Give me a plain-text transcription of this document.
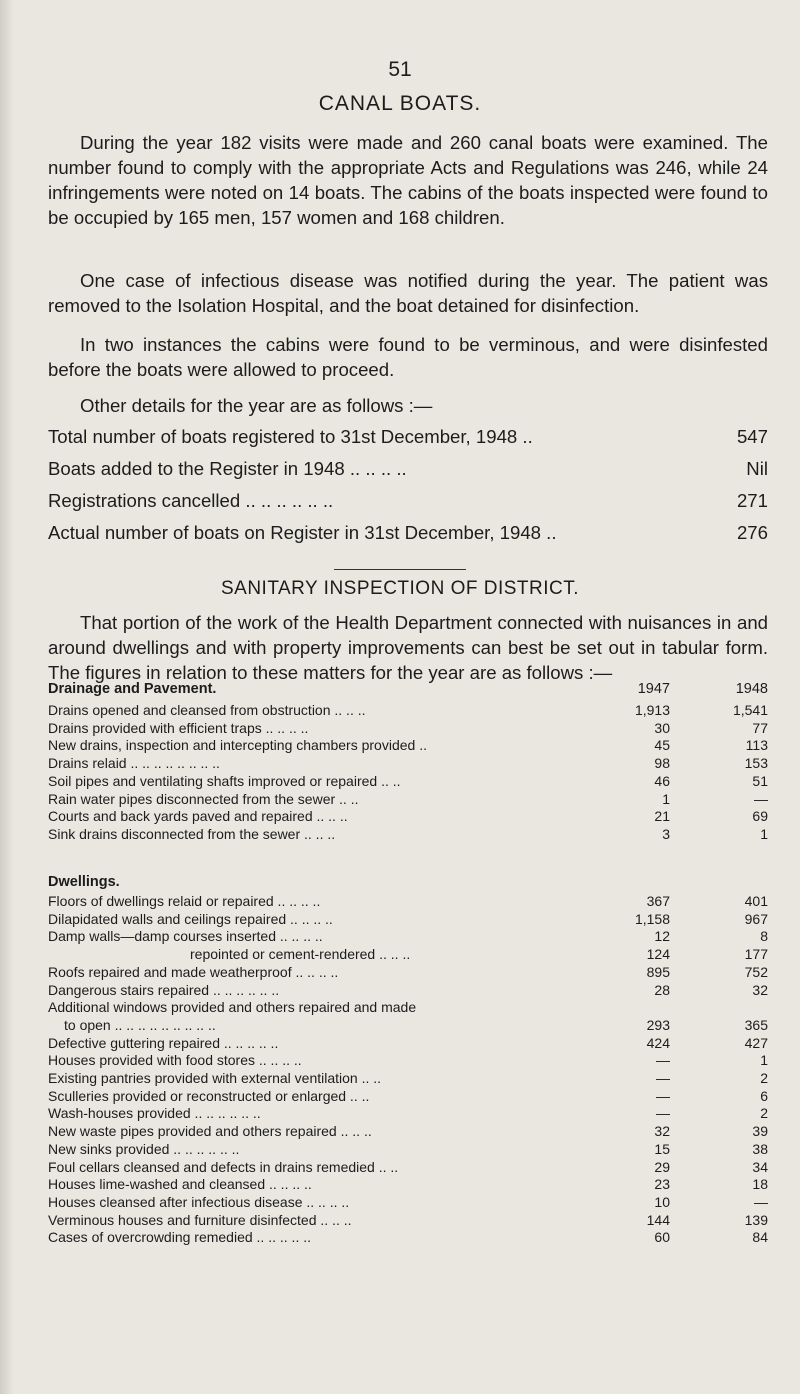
51
CANAL BOATS.

During the year 182 visits were made and 260 canal boats were examined. The number found to comply with the appropriate Acts and Regulations was 246, while 24 infringements were noted on 14 boats. The cabins of the boats inspected were found to be occupied by 165 men, 157 women and 168 children.

One case of infectious disease was notified during the year. The patient was removed to the Isolation Hospital, and the boat detained for disinfection.

In two instances the cabins were found to be verminous, and were disinfested before the boats were allowed to proceed.

Other details for the year are as follows :—

Total number of boats registered to 31st December, 1948 ..	547
Boats added to the Register in 1948 .. .. .. ..	Nil
Registrations cancelled .. .. .. .. .. ..	271
Actual number of boats on Register in 31st December, 1948 ..	276
SANITARY INSPECTION OF DISTRICT.

That portion of the work of the Health Department connected with nuisances in and around dwellings and with property improvements can best be set out in tabular form. The figures in relation to these matters for the year are as follows :—

Drainage and Pavement.	1947	1948
Drains opened and cleansed from obstruction .. .. ..	1,913	1,541
Drains provided with efficient traps .. .. .. ..	30	77
New drains, inspection and intercepting chambers provided ..	45	113
Drains relaid .. .. .. .. .. .. .. ..	98	153
Soil pipes and ventilating shafts improved or repaired .. ..	46	51
Rain water pipes disconnected from the sewer .. ..	1	—
Courts and back yards paved and repaired .. .. ..	21	69
Sink drains disconnected from the sewer .. .. ..	3	1
Dwellings.
Floors of dwellings relaid or repaired .. .. .. ..	367	401
Dilapidated walls and ceilings repaired .. .. .. ..	1,158	967
Damp walls—damp courses inserted .. .. .. ..	12	8
repointed or cement-rendered .. .. ..	124	177
Roofs repaired and made weatherproof .. .. .. ..	895	752
Dangerous stairs repaired .. .. .. .. .. ..	28	32
Additional windows provided and others repaired and made
to open .. .. .. .. .. .. .. .. ..	293	365
Defective guttering repaired .. .. .. .. ..	424	427
Houses provided with food stores .. .. .. ..	—	1
Existing pantries provided with external ventilation .. ..	—	2
Sculleries provided or reconstructed or enlarged .. ..	—	6
Wash-houses provided .. .. .. .. .. ..	—	2
New waste pipes provided and others repaired .. .. ..	32	39
New sinks provided .. .. .. .. .. ..	15	38
Foul cellars cleansed and defects in drains remedied .. ..	29	34
Houses lime-washed and cleansed .. .. .. ..	23	18
Houses cleansed after infectious disease .. .. .. ..	10	—
Verminous houses and furniture disinfected .. .. ..	144	139
Cases of overcrowding remedied .. .. .. .. ..	60	84
